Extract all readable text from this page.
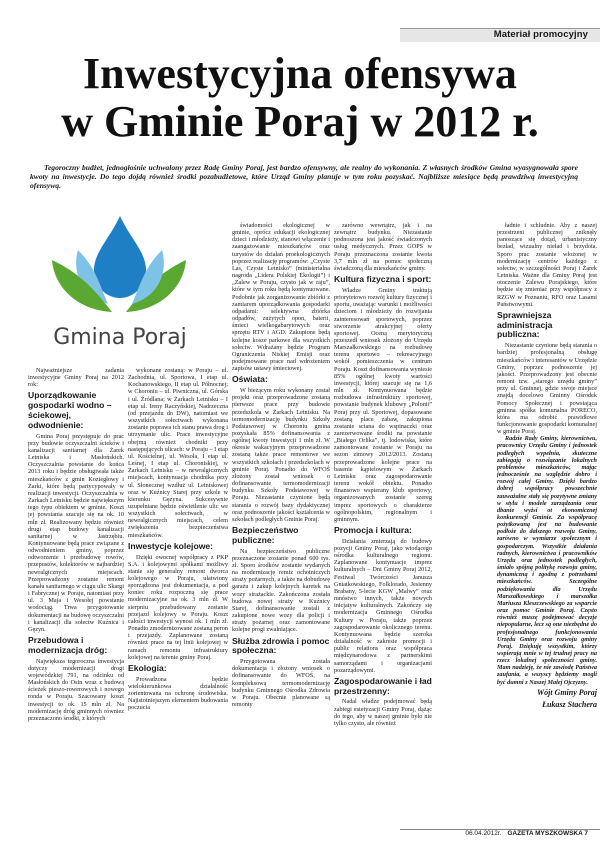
Materiał promocyjny
Inwestycyjna ofensywa
w Gminie Poraj w 2012 r.

Tegoroczny budżet, jednogłośnie uchwalony przez Radę Gminy Poraj, jest bardzo ofensywny, ale realny do wykonania. Z własnych środków Gmina wyasygnowała spore kwoty na inwestycje. Do tego dojdą również środki pozabudżetowe, które Urząd Gminy planuje w tym roku pozyskać. Najbliższe miesiące będą prawdziwą inwestycyjną ofensywą.

Gmina Poraj

Najważniejsze zadania inwestycyjne Gminy Poraj na 2012 rok:

Uporządkowanie gospodarki wodno – ściekowej, odwodnienie:

Gmina Poraj przystępuje do prac przy budowie oczyszczalni ścieków i kanalizacji sanitarnej dla Żarek Letniska i Masłońskich. Oczyszczalnia powstanie do końca 2013 roku i będzie obsługiwała także mieszkańców z gmin Koziegłowy i Żarki, które będą partycypowały w realizacji inwestycji. Oczyszczalnia w Żarkach Letnisku będzie największym tego typu obiektem w gminie. Koszt jej powstania szacuje się na ok. 10 mln zł. Realizowany będzie również drugi etap budowy kanalizacji sanitarnej w Jastrzębiu. Kontynuowane będą prace związane z odwodnieniem gminy, poprzez odtworzenie i przebudowę rowów, przepustów, kolektorów w najbardziej newralgicznych miejscach. Przeprowadzony zostanie remont kanału sanitarnego w ciągu ulic Skargi i Fabrycznej w Poraju, natomiast przy ul. 3 Maja i Wesołej powstanie wodociąg. Trwa przygotowanie dokumentacji na budowę oczyszczalni i kanalizacji dla sołectw Kuźnica i Gęzyn.

Przebudowa i modernizacja dróg:

Największa tegoroczna inwestycja dotyczy modernizacji drogi wojewódzkiej 791, na odcinku od Masłońskich do Osin wraz z budową ścieżek pieszo-rowerowych i nowego ronda w Poraju. Szacowany koszt inwestycji to ok. 15 mln zł. Na modernizację dróg gminnych równiez przeznaczono środki, z których

wykonane zostaną: w Poraju – ul. Zachodnia, ul. Sportowa, I etap ul. Kochanowskiego, II etap ul. Północnej; w Choroniu – ul. Piwniczna, ul. Górska i ul. Źródlana; w Żarkach Letnisku – I etap ul. Ireny Raczyńskiej, Nadrzeczna (od przejazdu do DW), natomiast we wszystkich sołectwach wykonana zostanie poprawa ich stanu prawa drog i utrzymanie ulic. Prace inwestycyjne obejmą również chodniki przy następujących ulicach: w Poraju – I etap ul. Kościelnej, ul. Wesoła, I etap ul. Leśnej, I etap ul. Choroniskiej, w Żarkach Letnisku – w newralgicznych miejscach, kontynuacja chodnika przy ul. Słonecznej wzdłuż ul. Letniskowej oraz w Kuźnicy Starej przy szkole w kierunku Gęzyna. Sukcesywnie uzupełniane będzie oświetlenie ulic we wszystkich sołectwach, w newralgicznych miejscach, celem zwiększenia bezpieczeństwa mieszkańców.

Inwestycje kolejowe:

Dzięki owocnej współpracy z PKP S.A. i kolejowymi spółkami możliwy stanie się generalny remont dworca kolejowego w Poraju, ułatwiony sporządzona jest dokumentacja, a pod koniec roku rozpoczną się prace modernizacyjne na ok. 3 mln zł. W sierpniu przebudowany zostanie przejazd kolejowy w Poraju. Koszt całości inwestycji wynosi ok. 1 mln zł. Ponadto zmodernizowane zostaną peron i przejazdy. Zaplanowane zostaną również prace na tej linii kolejowej w ramach remontu infrastruktury kolejowej na terenie gminy Poraj.

Ekologia:

Prowadzona będzie wielokierunkowa działalność zorientowana na ochronę środowiska. Najistotniejszym elementem budowania poczucia

świadomości ekologicznej w gminie, oprócz edukacji ekologicznej dzieci i młodzieży, stanowi włączenie i zaangażowanie mieszkańców oraz turystów do działań proekologicznych poprzez realizację programów: „Czyste Las, Czyste Letnisko” (ministerialna nagroda „Lidera Polskiej Ekologii”) i „Zalew w Poraju, czysto jak w raju”, które w tym roku będą kontynuowane. Podobnie jak zorganizowanie zbiórki z zamiarem uporządkowania gospodarki odpadami: selektywna zbiórka odpadów, zużytych opon, baterii, śmieci wielkogabarytowych oraz sprzętu RTV i AGD. Zakupione będą kolejne kosze parkowe dla wszystkich sołectw. Wdrażany będzie Program Ograniczenia Niskiej Emisji oraz podejmowane prace nad wdrożeniem zapisów ustawy śmieciowej.

Oświata:

W bieżącym roku wykonany został projekt oraz przeprowadzone zostaną pierwsze prace przy budowie przedszkola w Żarkach Letnisku. Na termomodernizację budynku Szkoły Podstawowej w Choroniu gmina pozyskała 85% dofinansowania z ogólnej kwoty inwestycji 1 mln zł. W okresie wakacyjnym przeprowadzone zostaną także prace remontowe we wszystkich szkołach i przedszkolach w gminie Poraj. Ponadto do WFOŚ złożony został wniosek o dofinansowanie termomodernizacji budynku Szkoły Podstawowej w Poraju. Niezastanie czynione będą starania o rozwój bazy dydaktycznej oraz podnoszenie jakości kształcenia w szkołach podległych Gminie Poraj.

Bezpieczeństwo publiczne:

Na bezpieczeństwo publiczne przeznaczone zostanie ponad 600 tys. zł. Sporo środków zostanie wydanych na modernizację remiz ochotniczych straży pożarnych, a także na dobudowę garażu i zakup kolejnych karetek na wozy strażackie. Zakończona została budowa nowej straży w Kuźnicy Starej, dofinansowanie zostali z zakupione nowe wozy dla policji i straży pożarnej oraz zamontowane kolejne progi zwalniające.

Służba zdrowia i pomoc społeczna:

Przygotowana została dokumentacja i złożony wniosek o dofinansowanie do WFOŚ, na kompleksową termomodernizację budynku Gminnego Ośrodka Zdrowia w Poraju. Obecnie planowane są remonty

zarówno wewnątrz, jak i na zewnątrz budynku. Niezastanie podnoszona jest jakość świadczonych usług medycznych. Przez GOPS w Poraju przeznaczona zostanie kwota 3,7 mln zł na pomoc społeczną świadczoną dla mieszkańców gminy.

Kultura fizyczna i sport:

Władze Gminy traktują priorytetowo rozwój kultury fizycznej i sportu, uważając warunki i możliwości dzieciom i młodzieży do rozwijania zainteresowań sportowych, poprzez stworzenie atrakcyjnej oferty sportowej. Oceną merytoryczną przeszedł wniosek złożony do Urzędu Marszałkowskiego na rozbudowę terenu sportowo – rekreacyjnego wokół pomieszczenia w centrum Poraju. Koszt dofinansowania wyniesie 85% ogólnej kwoty wartości inwestycji, której szacuje się na 1,6 mln zł. Kontynuowana będzie rozbudowa infrastruktury sportowej, powstanie budynek klubowy „Polonii” Poraj przy ul. Sportowej, dopasowane zostaną place zabaw, zakupiona zostanie sciana do wspinaczki oraz zarezerwowane środki na powstanie „Białego Orlika”, tj. lodowiska, które zamontowane zostanie w Poraju na sezon zimowy 2012/2013. Zostaną przeprowadzone kolejne prace na basenie kąpielowym w Żarkach Letnisku oraz zagospodarowanie terenu wokół obiektu. Ponadto finansowo wspierany klub sportowy, organizowanych zostanie szereg imprez sportowych o charakterze ogólnopolskim, regionalnym i gminnym.

Promocja i kultura:

Działania zmierzają do budowy pozycji Gminy Poraj, jako wiodącego ośrodka kulturalnego regionu. Zaplanowane kontynuacje imprez kulturalnych – Dni Gminy Poraj 2012, Festiwal Twórczości Janusza Gniatkowskiego, Folklorado, Jesienny Brabany, 5-lecie KGW „Malwy” oraz mnóstwo innych, także nowych inicjatyw kulturalnych. Zakończy się modernizacja Gminnego Ośrodka Kultury w Poraju, także poprzez zagospodarowanie okolicznego terenu. Kontynuowana będzie szeroka działalność w zakresie promocji i public relations oraz współpraca międzynarodowa z partnerskimi samorządami i organizacjami pozarządowymi.

Zagospodarowanie i ład przestrzenny:

Nadal władze podejmować będą zabiegi estetyzacji Gminy Poraj, dążąc do tego, aby w naszej gminie było nie tylko czysto, ale również

ładnie i schludnie. Aby z naszej przestrzeni publicznej zniknęły panoszące się dotąd, urbanistyczny bezład, wizualny nieład i brzydota. Sporo prac zostanie włożonej w modernizację centrów każdego z sołectw, w szczególności Poraj i Żarek Letniska. Ważne dla Gminy Poraj jest otoczenie Zalewu Porajskiego, które będzie się zmieniać przy współpracy z RZGW w Poznaniu, RFO oraz Lasami Państwowymi.

Sprawniejsza administracja publiczna:

Niezastanie czynione będą starania o bardziej profesjonalną obsługę mieszkańców i interesantów w Urzędzie Gminy, poprzez podnoszenie jej jakości. Przeprowadzony jest obecnie remont tzw. „starego urzędu gminy” przy ul. Gminnej, gdzie swoje miejsce znajdą docelowo Gminny Ośrodek Pomocy Społecznej i powstająca gminna spółka komunalna PORECO, która ma odrobić prawidłowe funkcjonowanie gospodarki komunalnej w gminie Poraj.

Radzie Rady Gminy, kierownictwu, pracownicy Urzędu Gminy i jednostek podległych wypełnia, skuteczne zabiegają o rozwiązanie lokalnych problemów mieszkańców, mając jednocześnie na względzie dobro i rozwój całej Gminy. Dzięki bardzo dobrej współpracy powszechnie zauważalne stały się pozytywne zmiany w stylu i modele zarządzania oraz dbanie wyżsi ot ekonomicznej konkurencji Gminie. Za współpracę pożytkowaną jest na budowanie podłoże do dalszego rozwoju Gminy, zarówno w wymiarze społecznym i gospodarczym. Wszystkie działania radnych, kierownictwa i pracowników Urzędu oraz jednostek podległych, śmiało spójną politykę rozwoju gminy, dynamiczną i zgodną z potrzebami mieszkańców. Szczególne podziękowania dla Urzędu Marszałkowskiego i marszałka Mariusza Kleszczewskiego za wsparcie oraz pomoc Gminie Poraj. Często również muszę podejmować decyzje niepopularne, lecz są one niezbędne do profesjonalnego funkcjonowania Urzędu Gminy oraz rozwoju gminy Poraj. Dziękuję wszystkim, którzy wspierają mnie w tej trudnej pracy na rzecz lokalnej społeczności gminy. Mam nadzieję, że nie zawiodę Państwa zaufania, a wszyscy będziemy mogli być dumni z Naszej Małej Ojczyzny.

Wójt Gminy Poraj
Łukasz Stachera
06.04.2012r. GAZETA MYSZKOWSKA 7
